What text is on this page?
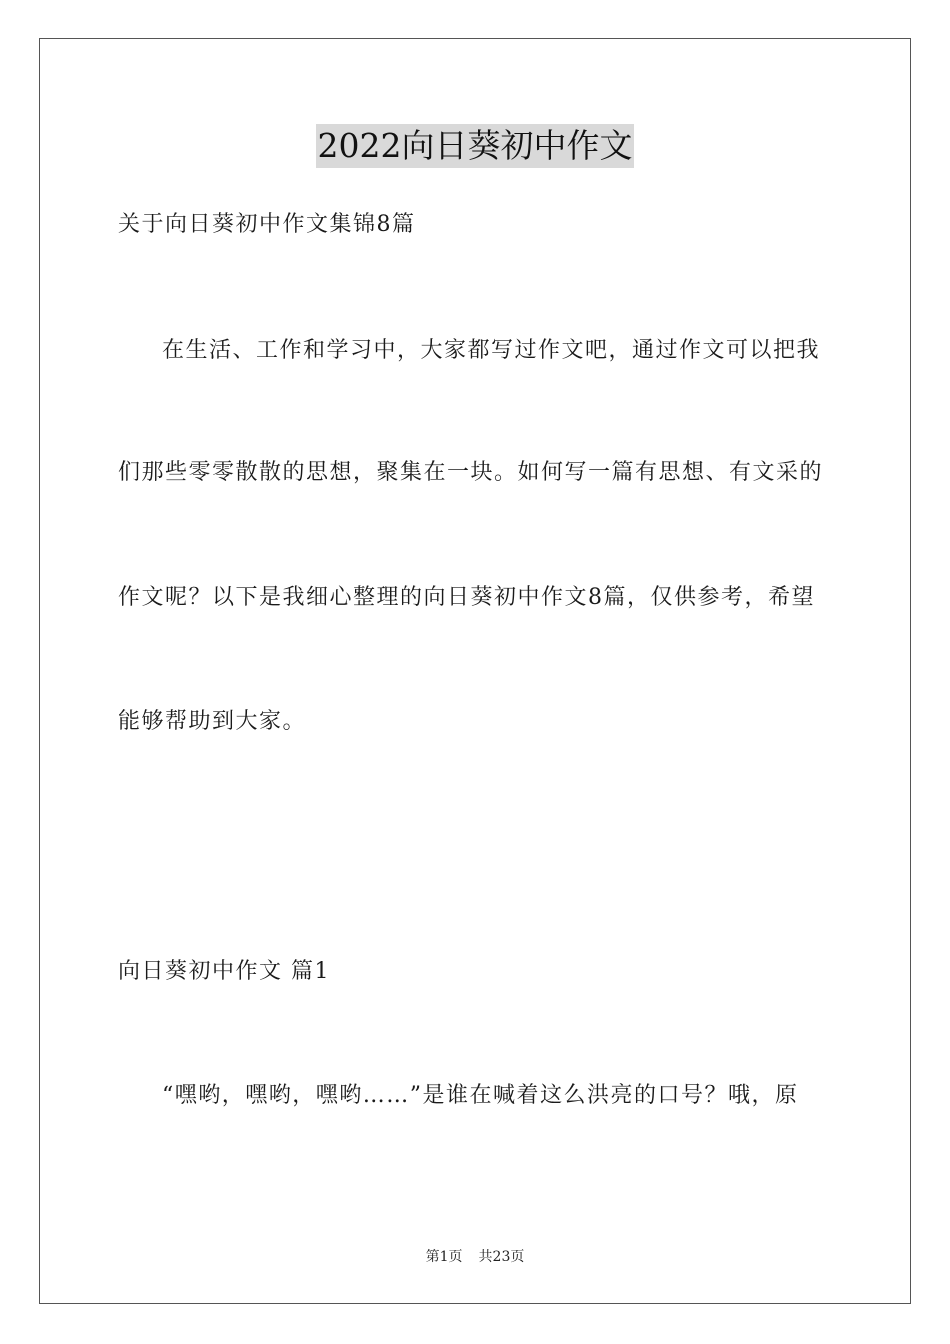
2022向日葵初中作文
关于向日葵初中作文集锦8篇
在生活、工作和学习中，大家都写过作文吧，通过作文可以把我
们那些零零散散的思想，聚集在一块。如何写一篇有思想、有文采的
作文呢？以下是我细心整理的向日葵初中作文8篇，仅供参考，希望
能够帮助到大家。
向日葵初中作文 篇1
“嘿哟，嘿哟，嘿哟……”是谁在喊着这么洪亮的口号？哦，原
第1页 共23页
